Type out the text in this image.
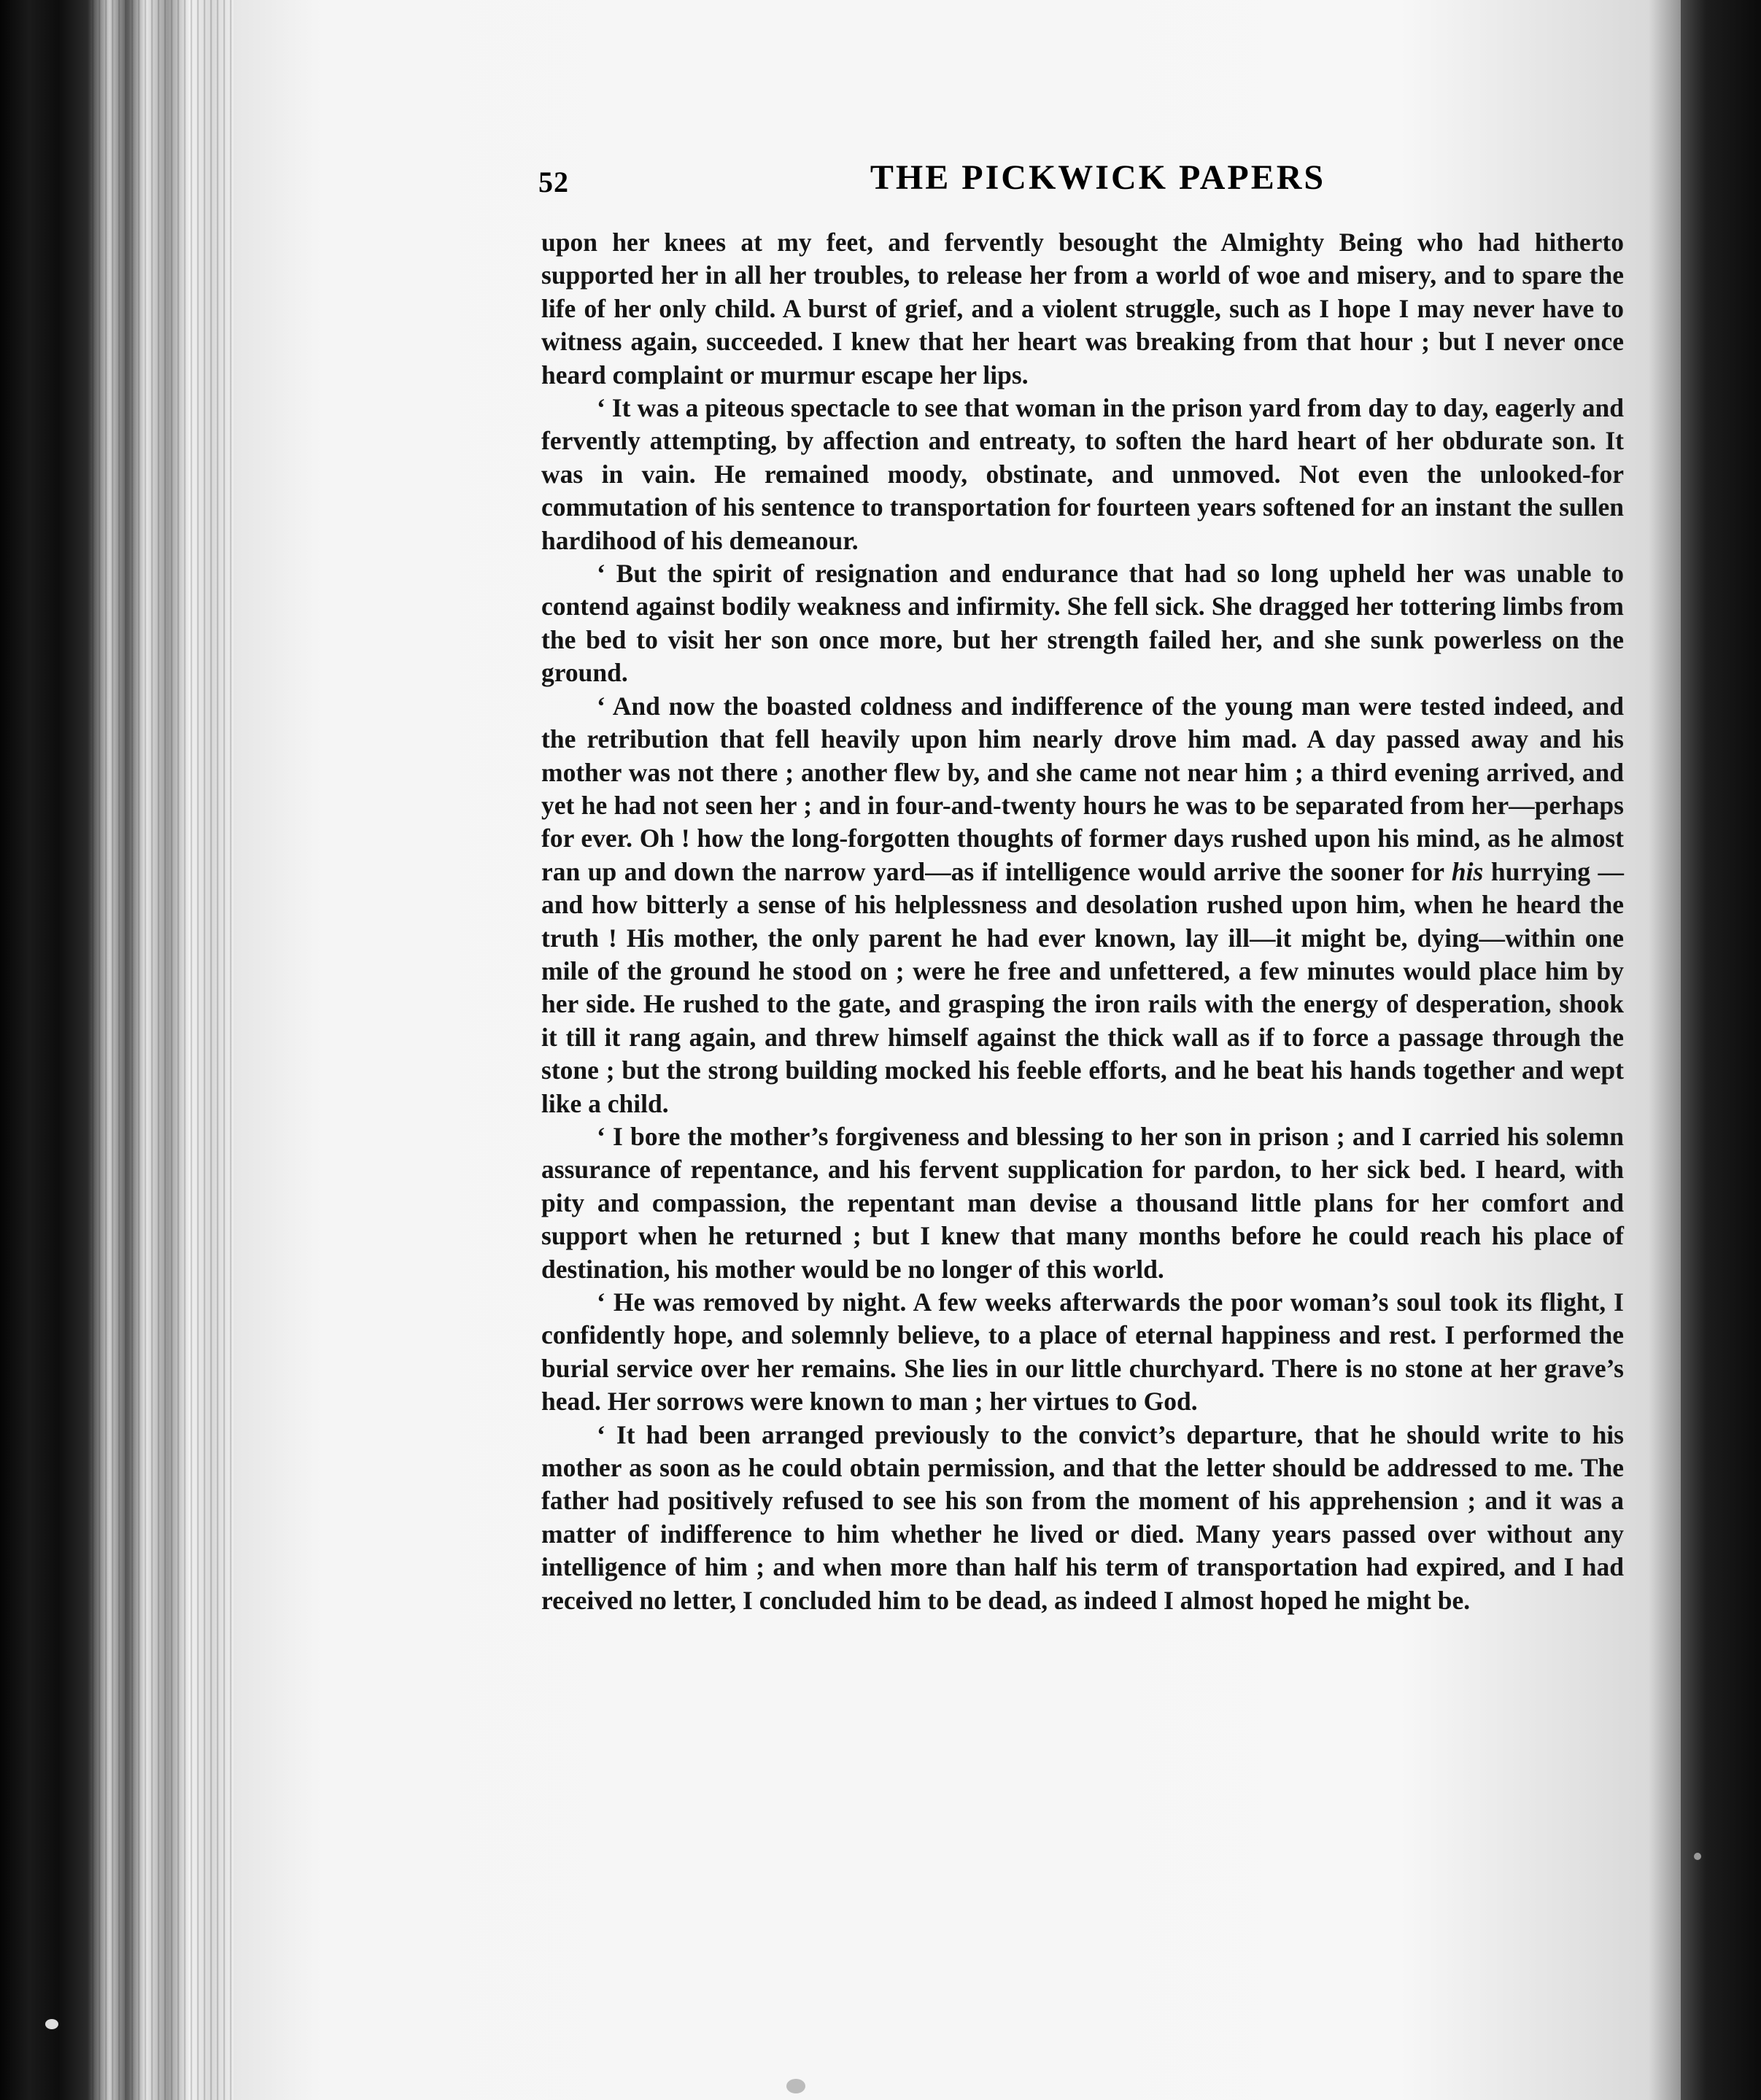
52	THE PICKWICK PAPERS

upon her knees at my feet, and fervently besought the Almighty Being who had hitherto supported her in all her troubles, to release her from a world of woe and misery, and to spare the life of her only child. A burst of grief, and a violent struggle, such as I hope I may never have to witness again, succeeded. I knew that her heart was breaking from that hour ; but I never once heard complaint or murmur escape her lips.

‘ It was a piteous spectacle to see that woman in the prison yard from day to day, eagerly and fervently attempting, by affection and entreaty, to soften the hard heart of her obdurate son. It was in vain. He remained moody, obstinate, and unmoved. Not even the unlooked-for commutation of his sentence to transportation for fourteen years softened for an instant the sullen hardihood of his demeanour.

‘ But the spirit of resignation and endurance that had so long upheld her was unable to contend against bodily weakness and infirmity. She fell sick. She dragged her tottering limbs from the bed to visit her son once more, but her strength failed her, and she sunk powerless on the ground.

‘ And now the boasted coldness and indifference of the young man were tested indeed, and the retribution that fell heavily upon him nearly drove him mad. A day passed away and his mother was not there ; another flew by, and she came not near him ; a third evening arrived, and yet he had not seen her ; and in four-and-twenty hours he was to be separated from her—perhaps for ever. Oh ! how the long-forgotten thoughts of former days rushed upon his mind, as he almost ran up and down the narrow yard—as if intelligence would arrive the sooner for his hurrying —and how bitterly a sense of his helplessness and desolation rushed upon him, when he heard the truth ! His mother, the only parent he had ever known, lay ill—it might be, dying—within one mile of the ground he stood on ; were he free and unfettered, a few minutes would place him by her side. He rushed to the gate, and grasping the iron rails with the energy of desperation, shook it till it rang again, and threw himself against the thick wall as if to force a passage through the stone ; but the strong building mocked his feeble efforts, and he beat his hands together and wept like a child.

‘ I bore the mother’s forgiveness and blessing to her son in prison ; and I carried his solemn assurance of repentance, and his fervent supplication for pardon, to her sick bed. I heard, with pity and compassion, the repentant man devise a thousand little plans for her comfort and support when he returned ; but I knew that many months before he could reach his place of destination, his mother would be no longer of this world.

‘ He was removed by night. A few weeks afterwards the poor woman’s soul took its flight, I confidently hope, and solemnly believe, to a place of eternal happiness and rest. I performed the burial service over her remains. She lies in our little churchyard. There is no stone at her grave’s head. Her sorrows were known to man ; her virtues to God.

‘ It had been arranged previously to the convict’s departure, that he should write to his mother as soon as he could obtain permission, and that the letter should be addressed to me. The father had positively refused to see his son from the moment of his apprehension ; and it was a matter of indifference to him whether he lived or died. Many years passed over without any intelligence of him ; and when more than half his term of transportation had expired, and I had received no letter, I concluded him to be dead, as indeed I almost hoped he might be.
